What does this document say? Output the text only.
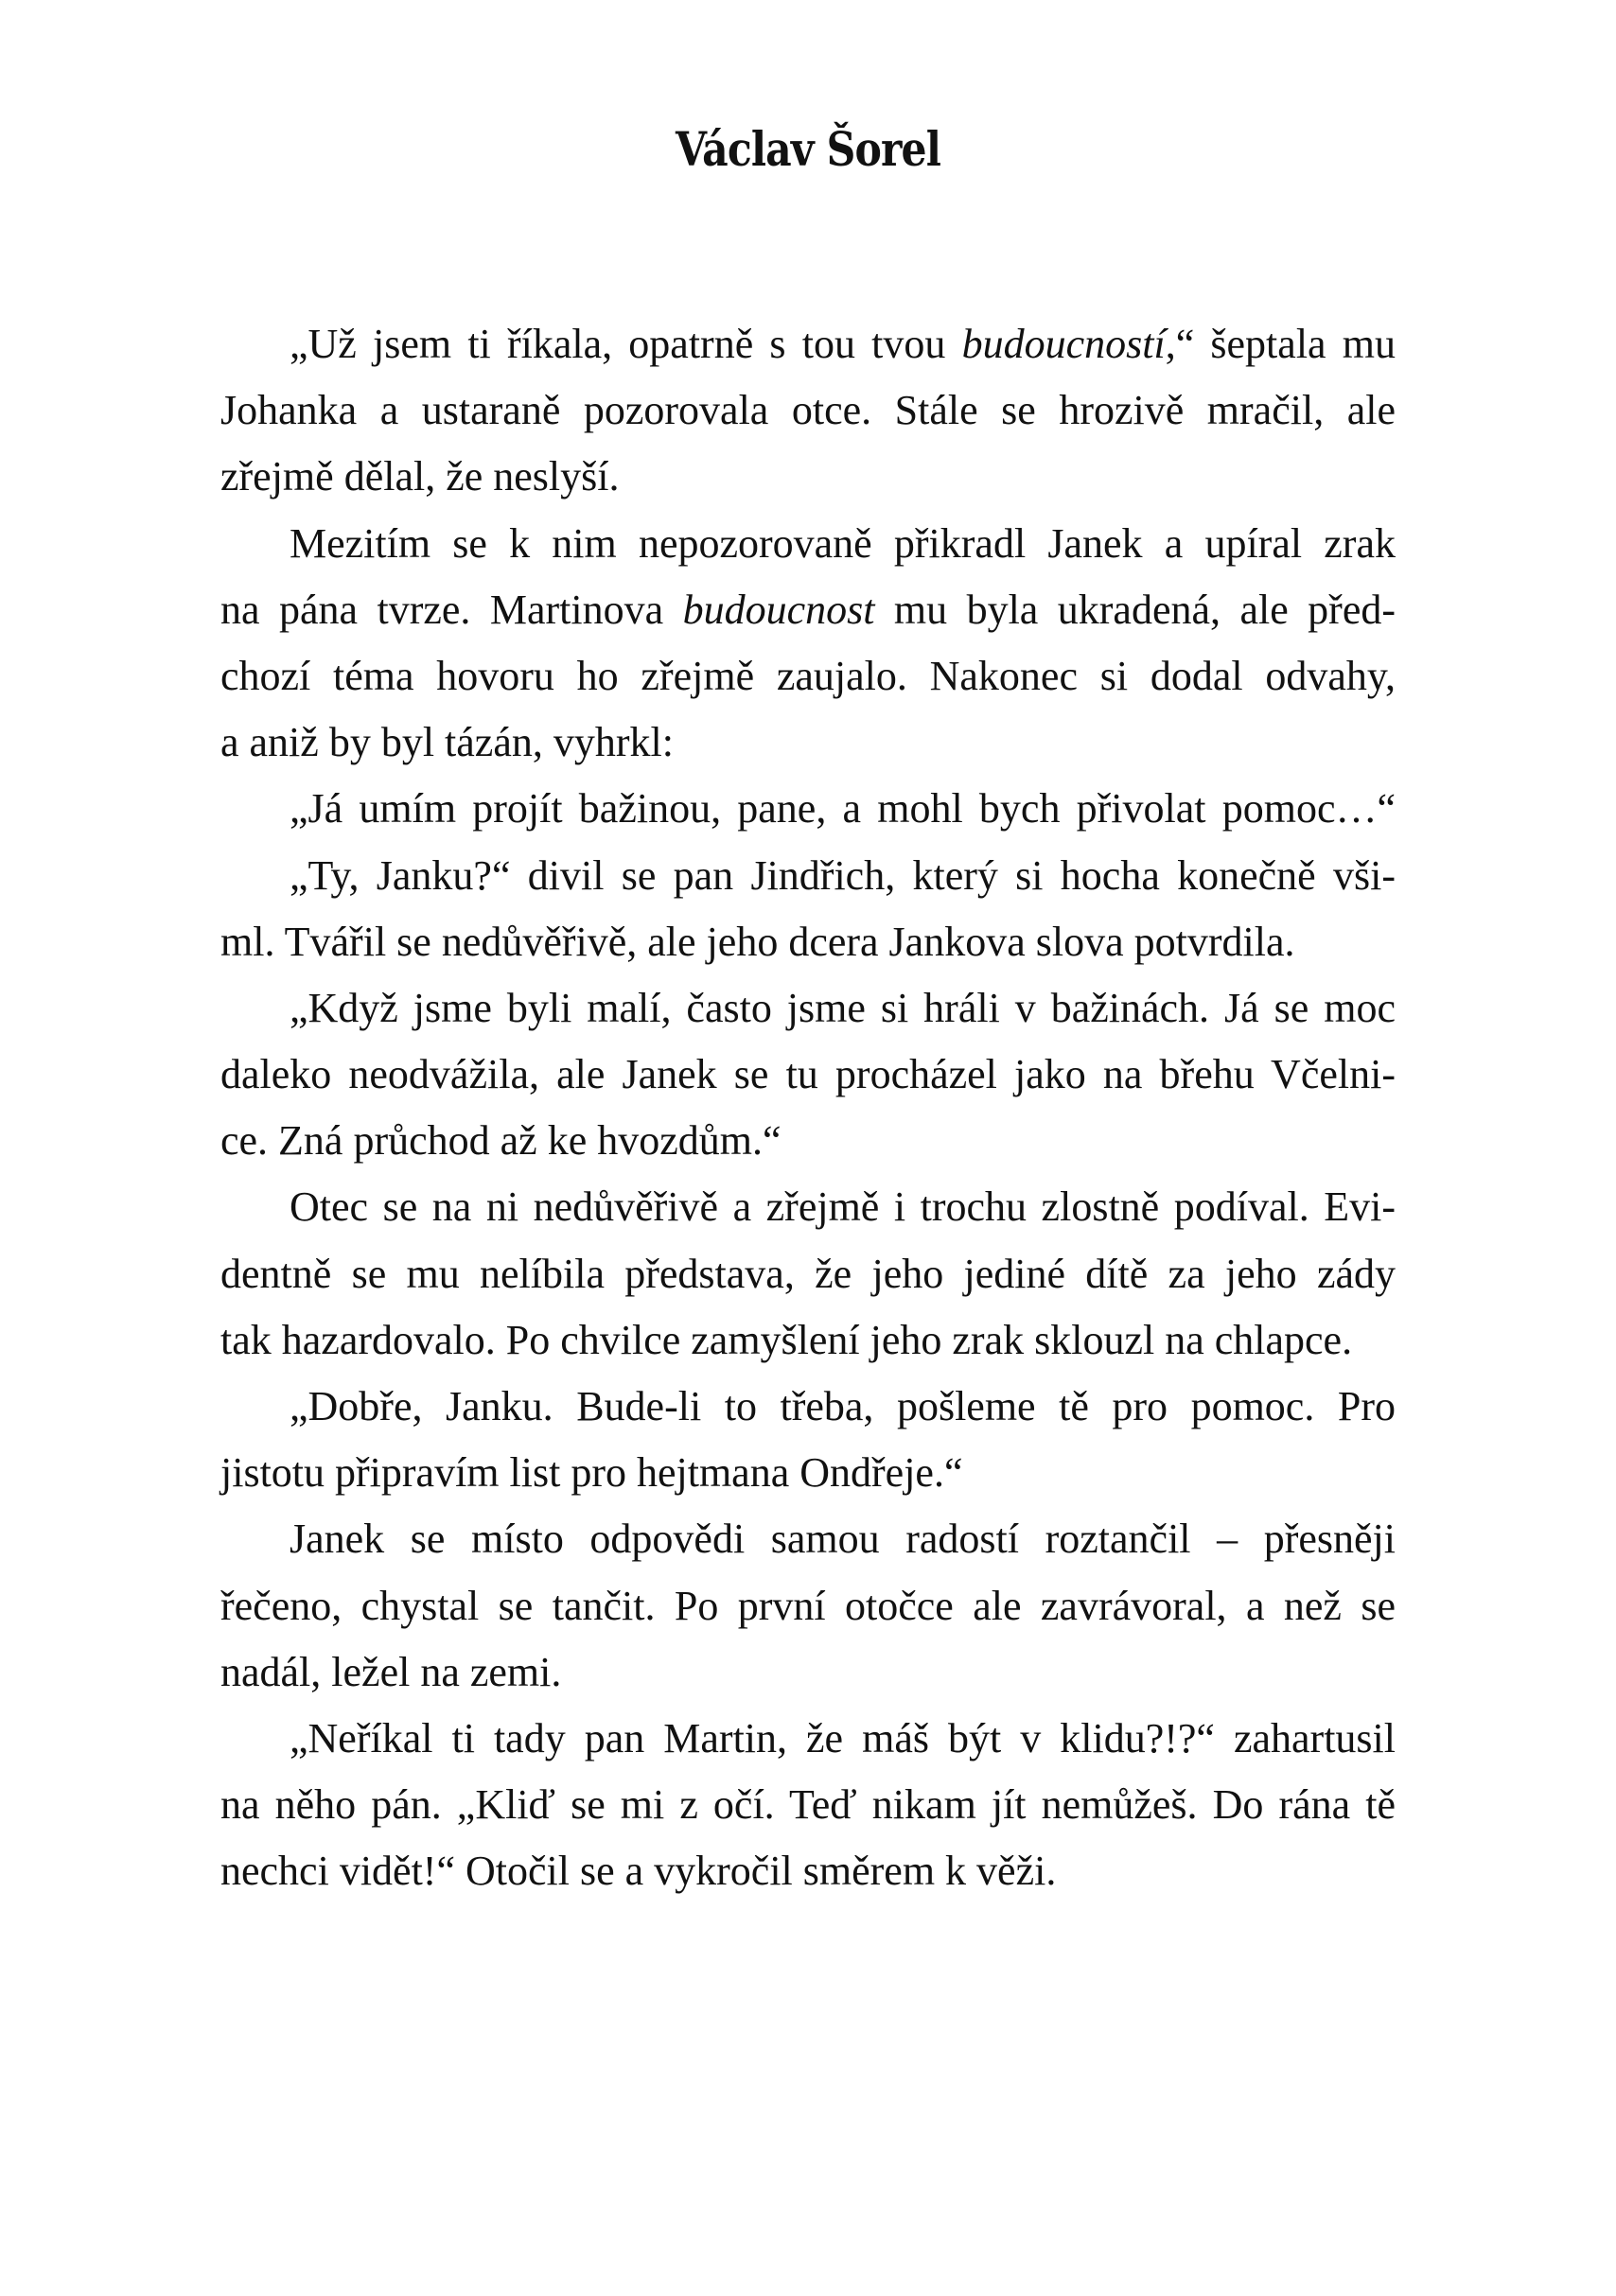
Václav Šorel
„Už jsem ti říkala, opatrně s tou tvou budoucností,“ šeptala mu
Johanka a ustaraně pozorovala otce. Stále se hrozivě mračil, ale
zřejmě dělal, že neslyší.
Mezitím se k nim nepozorovaně přikradl Janek a upíral zrak
na pána tvrze. Martinova budoucnost mu byla ukradená, ale před-
chozí téma hovoru ho zřejmě zaujalo. Nakonec si dodal odvahy,
a aniž by byl tázán, vyhrkl:
„Já umím projít bažinou, pane, a mohl bych přivolat pomoc…“
„Ty, Janku?“ divil se pan Jindřich, který si hocha konečně vši-
ml. Tvářil se nedůvěřivě, ale jeho dcera Jankova slova potvrdila.
„Když jsme byli malí, často jsme si hráli v bažinách. Já se moc
daleko neodvážila, ale Janek se tu procházel jako na břehu Včelni-
ce. Zná průchod až ke hvozdům.“
Otec se na ni nedůvěřivě a zřejmě i trochu zlostně podíval. Evi-
dentně se mu nelíbila představa, že jeho jediné dítě za jeho zády
tak hazardovalo. Po chvilce zamyšlení jeho zrak sklouzl na chlapce.
„Dobře, Janku. Bude-li to třeba, pošleme tě pro pomoc. Pro
jistotu připravím list pro hejtmana Ondřeje.“
Janek se místo odpovědi samou radostí roztančil – přesněji
řečeno, chystal se tančit. Po první otočce ale zavrávoral, a než se
nadál, ležel na zemi.
„Neříkal ti tady pan Martin, že máš být v klidu?!?“ zahartusil
na něho pán. „Kliď se mi z očí. Teď nikam jít nemůžeš. Do rána tě
nechci vidět!“ Otočil se a vykročil směrem k věži.
